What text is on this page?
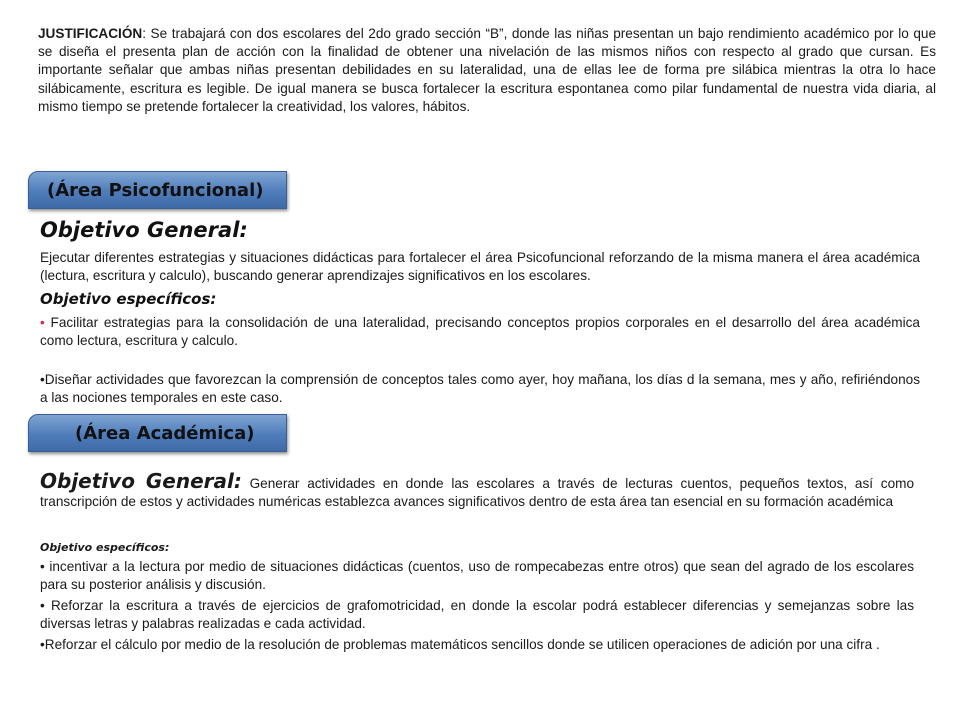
JUSTIFICACIÓN: Se trabajará con dos escolares del 2do grado sección “B”, donde las niñas presentan un bajo rendimiento académico por lo que se diseña el presenta plan de acción con la finalidad de obtener una nivelación de las mismos niños con respecto al grado que cursan. Es importante señalar que ambas niñas presentan debilidades en su lateralidad, una de ellas lee de forma pre silábica mientras la otra lo hace silábicamente, escritura es legible. De igual manera se busca fortalecer la escritura espontanea como pilar fundamental de nuestra vida diaria, al mismo tiempo se pretende fortalecer la creatividad, los valores, hábitos.
(Área Psicofuncional)
Objetivo General:
Ejecutar diferentes estrategias y situaciones didácticas para fortalecer el área Psicofuncional reforzando de la misma manera el área académica (lectura, escritura y calculo), buscando generar aprendizajes significativos en los escolares.
Objetivo específicos:
• Facilitar estrategias para la consolidación de una lateralidad, precisando conceptos propios corporales en el desarrollo del área académica como lectura, escritura y calculo.
•Diseñar actividades que favorezcan la comprensión de conceptos tales como ayer, hoy mañana, los días d la semana, mes y año, refiriéndonos a las nociones temporales en este caso.
(Área Académica)
Objetivo General: Generar actividades en donde las escolares a través de lecturas cuentos, pequeños textos, así como transcripción de estos y actividades numéricas establezca avances significativos dentro de esta área tan esencial en su formación académica
Objetivo específicos:
• incentivar a la lectura por medio de situaciones didácticas (cuentos, uso de rompecabezas entre otros) que sean del agrado de los escolares para su posterior análisis y discusión.
• Reforzar la escritura a través de ejercicios de grafomotricidad, en donde la escolar podrá establecer diferencias y semejanzas sobre las diversas letras y palabras realizadas e cada actividad.
•Reforzar el cálculo por medio de la resolución de problemas matemáticos sencillos donde se utilicen operaciones de adición por una cifra .
